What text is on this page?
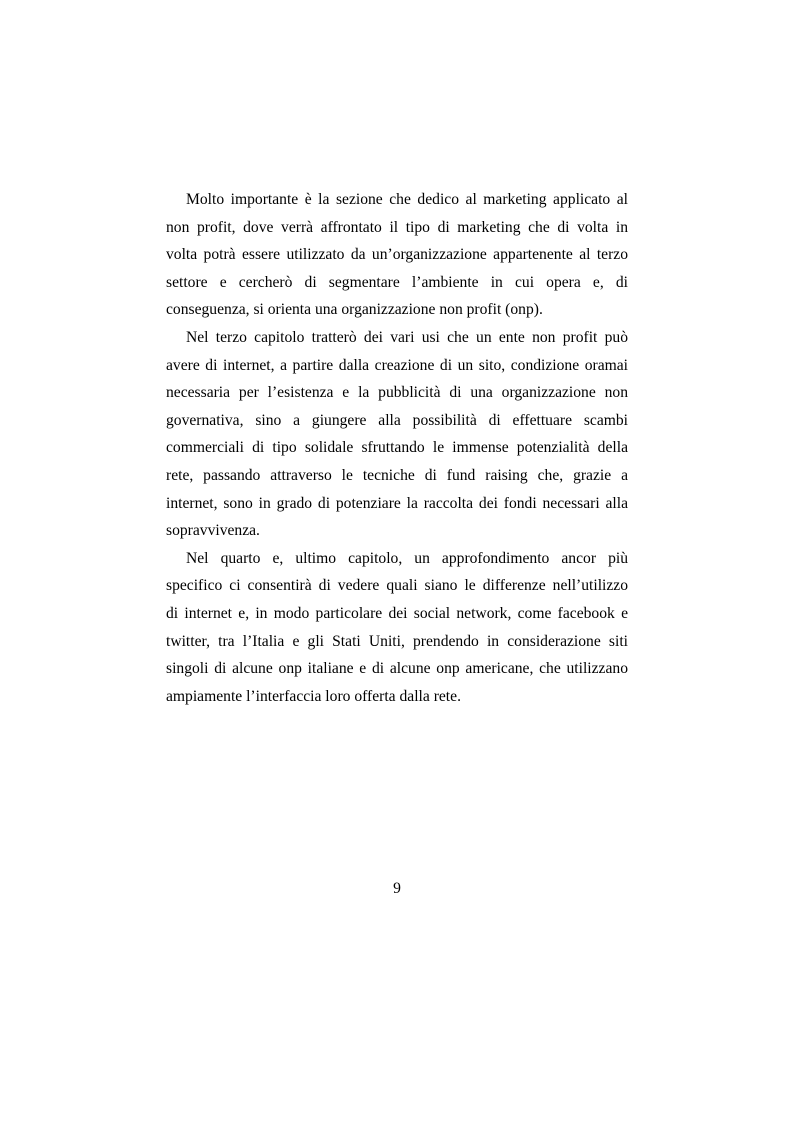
Molto importante è la sezione che dedico al marketing applicato al
non profit, dove verrà affrontato il tipo di marketing che di volta in
volta potrà essere utilizzato da un’organizzazione appartenente al terzo
settore e cercherò di segmentare l’ambiente in cui opera e, di
conseguenza, si orienta una organizzazione non profit (onp).

Nel terzo capitolo tratterò dei vari usi che un ente non profit può
avere di internet, a partire dalla creazione di un sito, condizione oramai
necessaria per l’esistenza e la pubblicità di una organizzazione non
governativa, sino a giungere alla possibilità di effettuare scambi
commerciali di tipo solidale sfruttando le immense potenzialità della
rete, passando attraverso le tecniche di fund raising che, grazie a
internet, sono in grado di potenziare la raccolta dei fondi necessari alla
sopravvivenza.

Nel quarto e, ultimo capitolo, un approfondimento ancor più
specifico ci consentirà di vedere quali siano le differenze nell’utilizzo
di internet e, in modo particolare dei social network, come facebook e
twitter, tra l’Italia e gli Stati Uniti, prendendo in considerazione siti
singoli di alcune onp italiane e di alcune onp americane, che utilizzano
ampiamente l’interfaccia loro offerta dalla rete.

9
